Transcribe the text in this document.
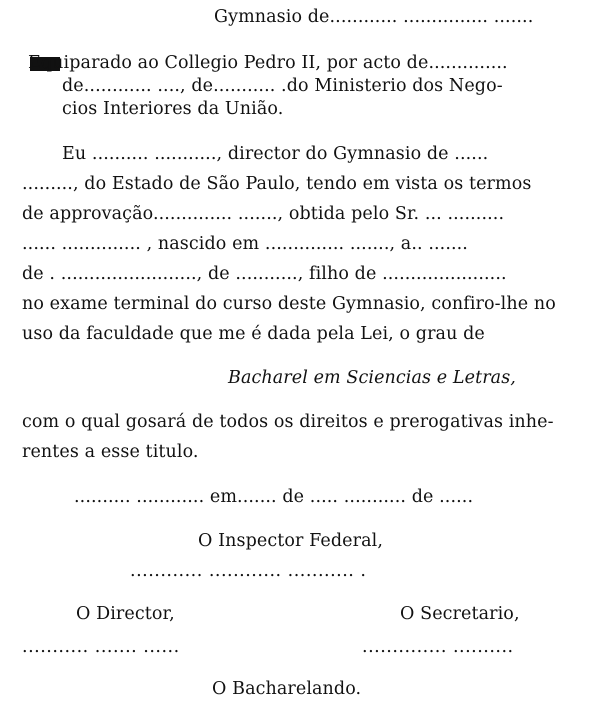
Gymnasio de............ ............... .......
Equiparado ao Collegio Pedro II, por acto de..............
de............ ...., de........... .do Ministerio dos Nego-
cios Interiores da União.
Eu .......... ..........., director do Gymnasio de ......
........., do Estado de São Paulo, tendo em vista os termos
de approvação.............. ......., obtida pelo Sr. ... ..........
...... .............. , nascido em .............. ......., a.. .......
de . ........................, de ..........., filho de ......................
no exame terminal do curso deste Gymnasio, confiro-lhe no
uso da faculdade que me é dada pela Lei, o grau de
Bacharel em Sciencias e Letras,
com o qual gosará de todos os direitos e prerogativas inhe-
rentes a esse titulo.
.......... ............ em....... de ..... ........... de ......
O Inspector Federal,
............ ............ ........... .
O Director,	O Secretario,
........... ....... ......	.............. ..........
O Bacharelando.
